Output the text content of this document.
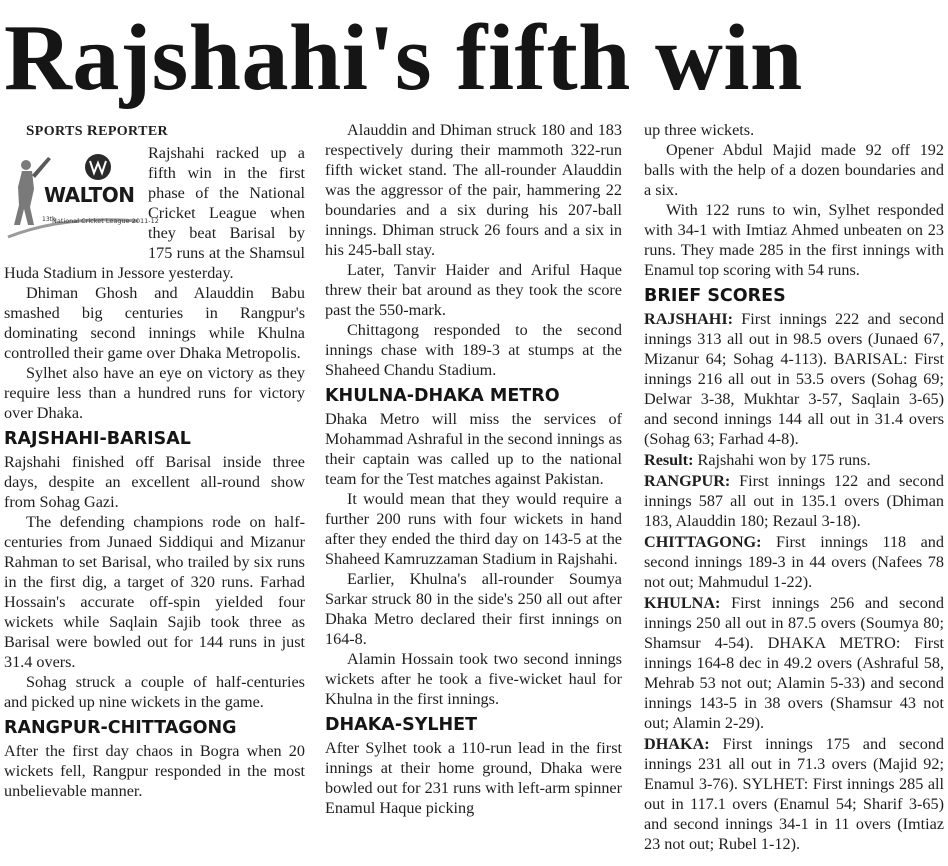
Rajshahi's fifth win

SPORTS REPORTER

WALTON
13th
National Cricket League 2011-12

Rajshahi racked up a fifth win in the first phase of the National Cricket League when they beat Barisal by 175 runs at the Shamsul Huda Stadium in Jessore yesterday.

Dhiman Ghosh and Alauddin Babu smashed big centuries in Rangpur's dominating second innings while Khulna controlled their game over Dhaka Metropolis.

Sylhet also have an eye on victory as they require less than a hundred runs for victory over Dhaka.

RAJSHAHI-BARISAL

Rajshahi finished off Barisal inside three days, despite an excellent all-round show from Sohag Gazi.

The defending champions rode on half-centuries from Junaed Siddiqui and Mizanur Rahman to set Barisal, who trailed by six runs in the first dig, a target of 320 runs. Farhad Hossain's accurate off-spin yielded four wickets while Saqlain Sajib took three as Barisal were bowled out for 144 runs in just 31.4 overs.

Sohag struck a couple of half-centuries and picked up nine wickets in the game.

RANGPUR-CHITTAGONG

After the first day chaos in Bogra when 20 wickets fell, Rangpur responded in the most unbelievable manner.

Alauddin and Dhiman struck 180 and 183 respectively during their mammoth 322-run fifth wicket stand. The all-rounder Alauddin was the aggressor of the pair, hammering 22 boundaries and a six during his 207-ball innings. Dhiman struck 26 fours and a six in his 245-ball stay.

Later, Tanvir Haider and Ariful Haque threw their bat around as they took the score past the 550-mark.

Chittagong responded to the second innings chase with 189-3 at stumps at the Shaheed Chandu Stadium.

KHULNA-DHAKA METRO

Dhaka Metro will miss the services of Mohammad Ashraful in the second innings as their captain was called up to the national team for the Test matches against Pakistan.

It would mean that they would require a further 200 runs with four wickets in hand after they ended the third day on 143-5 at the Shaheed Kamruzzaman Stadium in Rajshahi.

Earlier, Khulna's all-rounder Soumya Sarkar struck 80 in the side's 250 all out after Dhaka Metro declared their first innings on 164-8.

Alamin Hossain took two second innings wickets after he took a five-wicket haul for Khulna in the first innings.

DHAKA-SYLHET

After Sylhet took a 110-run lead in the first innings at their home ground, Dhaka were bowled out for 231 runs with left-arm spinner Enamul Haque picking

up three wickets.

Opener Abdul Majid made 92 off 192 balls with the help of a dozen boundaries and a six.

With 122 runs to win, Sylhet responded with 34-1 with Imtiaz Ahmed unbeaten on 23 runs. They made 285 in the first innings with Enamul top scoring with 54 runs.

BRIEF SCORES

RAJSHAHI: First innings 222 and second innings 313 all out in 98.5 overs (Junaed 67, Mizanur 64; Sohag 4-113). BARISAL: First innings 216 all out in 53.5 overs (Sohag 69; Delwar 3-38, Mukhtar 3-57, Saqlain 3-65) and second innings 144 all out in 31.4 overs (Sohag 63; Farhad 4-8).

Result: Rajshahi won by 175 runs.

RANGPUR: First innings 122 and second innings 587 all out in 135.1 overs (Dhiman 183, Alauddin 180; Rezaul 3-18).

CHITTAGONG: First innings 118 and second innings 189-3 in 44 overs (Nafees 78 not out; Mahmudul 1-22).

KHULNA: First innings 256 and second innings 250 all out in 87.5 overs (Soumya 80; Shamsur 4-54). DHAKA METRO: First innings 164-8 dec in 49.2 overs (Ashraful 58, Mehrab 53 not out; Alamin 5-33) and second innings 143-5 in 38 overs (Shamsur 43 not out; Alamin 2-29).

DHAKA: First innings 175 and second innings 231 all out in 71.3 overs (Majid 92; Enamul 3-76). SYLHET: First innings 285 all out in 117.1 overs (Enamul 54; Sharif 3-65) and second innings 34-1 in 11 overs (Imtiaz 23 not out; Rubel 1-12).
